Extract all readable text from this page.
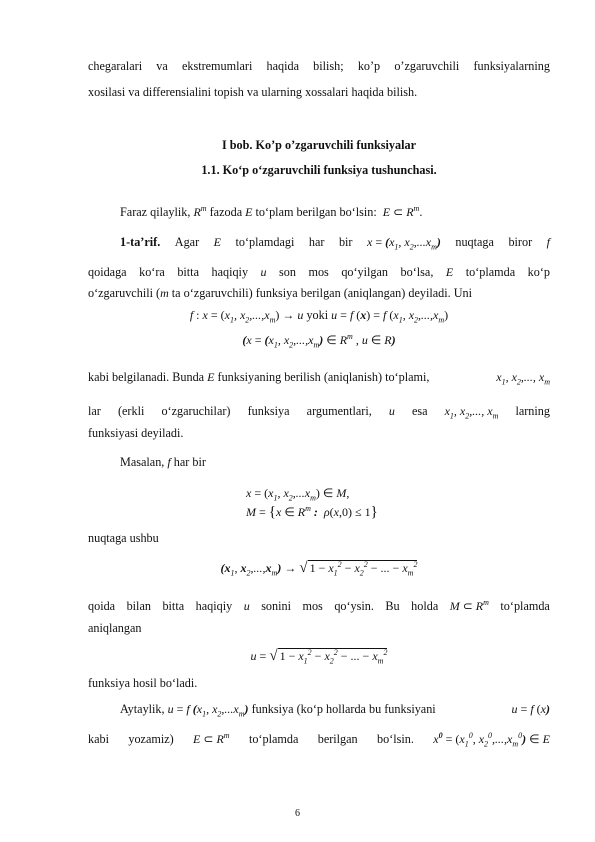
chegaralari va ekstremumlari haqida bilish; ko’p o’zgaruvchili funksiyalarning
xosilasi va differensialini topish va ularning xossalari haqida bilish.
I bob. Ko’p o’zgaruvchili funksiyalar
1.1. Ko‘p o‘zgaruvchili funksiya tushunchasi.
Faraz qilaylik, $R^m$ fazoda E to‘plam berilgan bo‘lsin:  E ⊂ $R^m$.
1-ta’rif. Agar E to‘plamdagi har bir $x = (x_1$, $x_2,...x_m$) nuqtaga biror f
qoidaga ko‘ra bitta haqiqiy u son mos qo‘yilgan bo‘lsa, E to‘plamda ko‘p
o‘zgaruvchili (m ta o‘zgaruvchili) funksiya berilgan (aniqlangan) deyiladi. Uni
f : $x = (x_1$, $x_2,...,x_m) \to u$ yoki u = f (x) = f ($x_1$, $x_2,...,x_m$)
($x = (x_1$, $x_2,...,x_m$) ∈ $R^m$ , u ∈ R)
kabi belgilanadi. Bunda E funksiyaning berilish (aniqlanish) to‘plami,	$x_1$, $x_2$,..., $x_m$
lar (erkli o‘zgaruchilar) funksiya argumentlari, u esa $x_1$, $x_2$,..., $x_m$ larning
funksiyasi deyiladi.
Masalan, f har bir
$x = (x_1$, $x_2,...x_m$) ∈ M,
M = {x ∈ $R^m$ :  ρ(x,0) ≤ 1}
nuqtaga ushbu
($x_1$, $x_2,...,x_m$) → √ $1 - x_1^2 - x_2^2$ − ... − $x_m^2$
qoida bilan bitta haqiqiy u sonini mos qo‘ysin. Bu holda M ⊂ $R^m$ to‘plamda
aniqlangan
u = √ $1 - x_1^2 - x_2^2$ − ... − $x_m^2$
funksiya hosil bo‘ladi.
Aytaylik, u = f ($x_1$, $x_2,...x_m$) funksiya (ko‘p hollarda bu funksiyani	u = f (x)
kabi yozamiz) E ⊂ $R^m$ to‘plamda berilgan bo‘lsin. $x^0 = (x_1^0$, $x_2^0,...,x_m^0$) ∈ E
6
